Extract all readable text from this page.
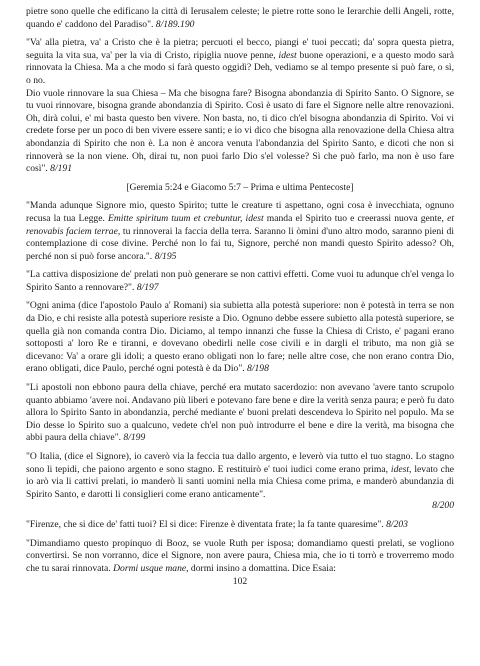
pietre sono quelle che edificano la città di Ierusalem celeste; le pietre rotte sono le Ierarchie delli Angeli, rotte, quando e' caddono del Paradiso". 8/189.190

"Va' alla pietra, va' a Cristo che è la pietra; percuoti el becco, piangi e' tuoi peccati; da' sopra questa pietra, seguita la vita sua, va' per la via di Cristo, ripiglia nuove penne, idest buone operazioni, e a questo modo sarà rinnovata la Chiesa. Ma a che modo si farà questo oggidì? Deh, vediamo se al tempo presente si può fare, o sì, o no.

Dio vuole rinnovare la sua Chiesa – Ma che bisogna fare? Bisogna abondanzia di Spirito Santo. O Signore, se tu vuoi rinnovare, bisogna grande abondanzia di Spirito. Così è usato di fare el Signore nelle altre renovazioni. Oh, dirà colui, e' mi basta questo ben vivere. Non basta, no, ti dico ch'el bisogna abondanzia di Spirito. Voi vi credete forse per un poco di ben vivere essere santi; e io vi dico che bisogna alla renovazione della Chiesa altra abondanzia di Spirito che non è. La non è ancora venuta l'abondanzia del Spirito Santo, e dicoti che non si rinnoverà se la non viene. Oh, dirai tu, non puoi farlo Dio s'el volesse? Sì che può farlo, ma non è uso fare così". 8/191

[Geremia 5:24 e Giacomo 5:7 – Prima e ultima Pentecoste]

"Manda adunque Signore mio, questo Spirito; tutte le creature ti aspettano, ogni cosa è invecchiata, ognuno recusa la tua Legge. Emitte spiritum tuum et crebuntur, idest manda el Spirito tuo e creerassi nuova gente, et renovabis faciem terrae, tu rinnoverai la faccia della terra. Saranno li òmini d'uno altro modo, saranno pieni di contemplazione di cose divine. Perché non lo fai tu, Signore, perché non mandi questo Spirito adesso? Oh, perché non si può forse ancora.". 8/195

"La cattiva disposizione de' prelati non può generare se non cattivi effetti. Come vuoi tu adunque ch'el venga lo Spirito Santo a rennovare?". 8/197

"Ogni anima (dice l'apostolo Paulo a' Romani) sia subietta alla potestà superiore: non è potestà in terra se non da Dio, e chi resiste alla potestà superiore resiste a Dio. Ognuno debbe essere subietto alla potestà superiore, se quella già non comanda contra Dio. Diciamo, al tempo innanzi che fusse la Chiesa di Cristo, e' pagani erano sottoposti a' loro Re e tiranni, e dovevano obedirli nelle cose civili e in dargli el tributo, ma non già se dicevano: Va' a orare gli idoli; a questo erano obligati non lo fare; nelle altre cose, che non erano contra Dio, erano obligati, dice Paulo, perché ogni potestà è da Dio". 8/198

"Li apostoli non ebbono paura della chiave, perché era mutato sacerdozio: non avevano 'avere tanto scrupolo quanto abbiamo 'avere noi. Andavano più liberi e potevano fare bene e dire la verità senza paura; e però fu dato allora lo Spirito Santo in abondanzia, perché mediante e' buoni prelati descendeva lo Spirito nel populo. Ma se Dio desse lo Spirito suo a qualcuno, vedete ch'el non può introdurre el bene e dire la verità, ma bisogna che abbi paura della chiave". 8/199

"O Italia, (dice el Signore), io caverò via la feccia tua dallo argento, e leverò via tutto el tuo stagno. Lo stagno sono li tepidi, che paiono argento e sono stagno. E restituirò e' tuoi iudici come erano prima, idest, levato che io arò via li cattivi prelati, io manderò li santi uomini nella mia Chiesa come prima, e manderò abundanzia di Spirito Santo, e darotti li consiglieri come erano anticamente".

8/200

"Firenze, che si dice de' fatti tuoi? El si dice: Firenze è diventata frate; la fa tante quaresime". 8/203

"Dimandiamo questo propinquo di Booz, se vuole Ruth per isposa; domandiamo questi prelati, se vogliono convertirsi. Se non vorranno, dice el Signore, non avere paura, Chiesa mia, che io ti torrò e troverremo modo che tu sarai rinnovata. Dormi usque mane, dormi insino a domattina. Dice Esaia:

102
